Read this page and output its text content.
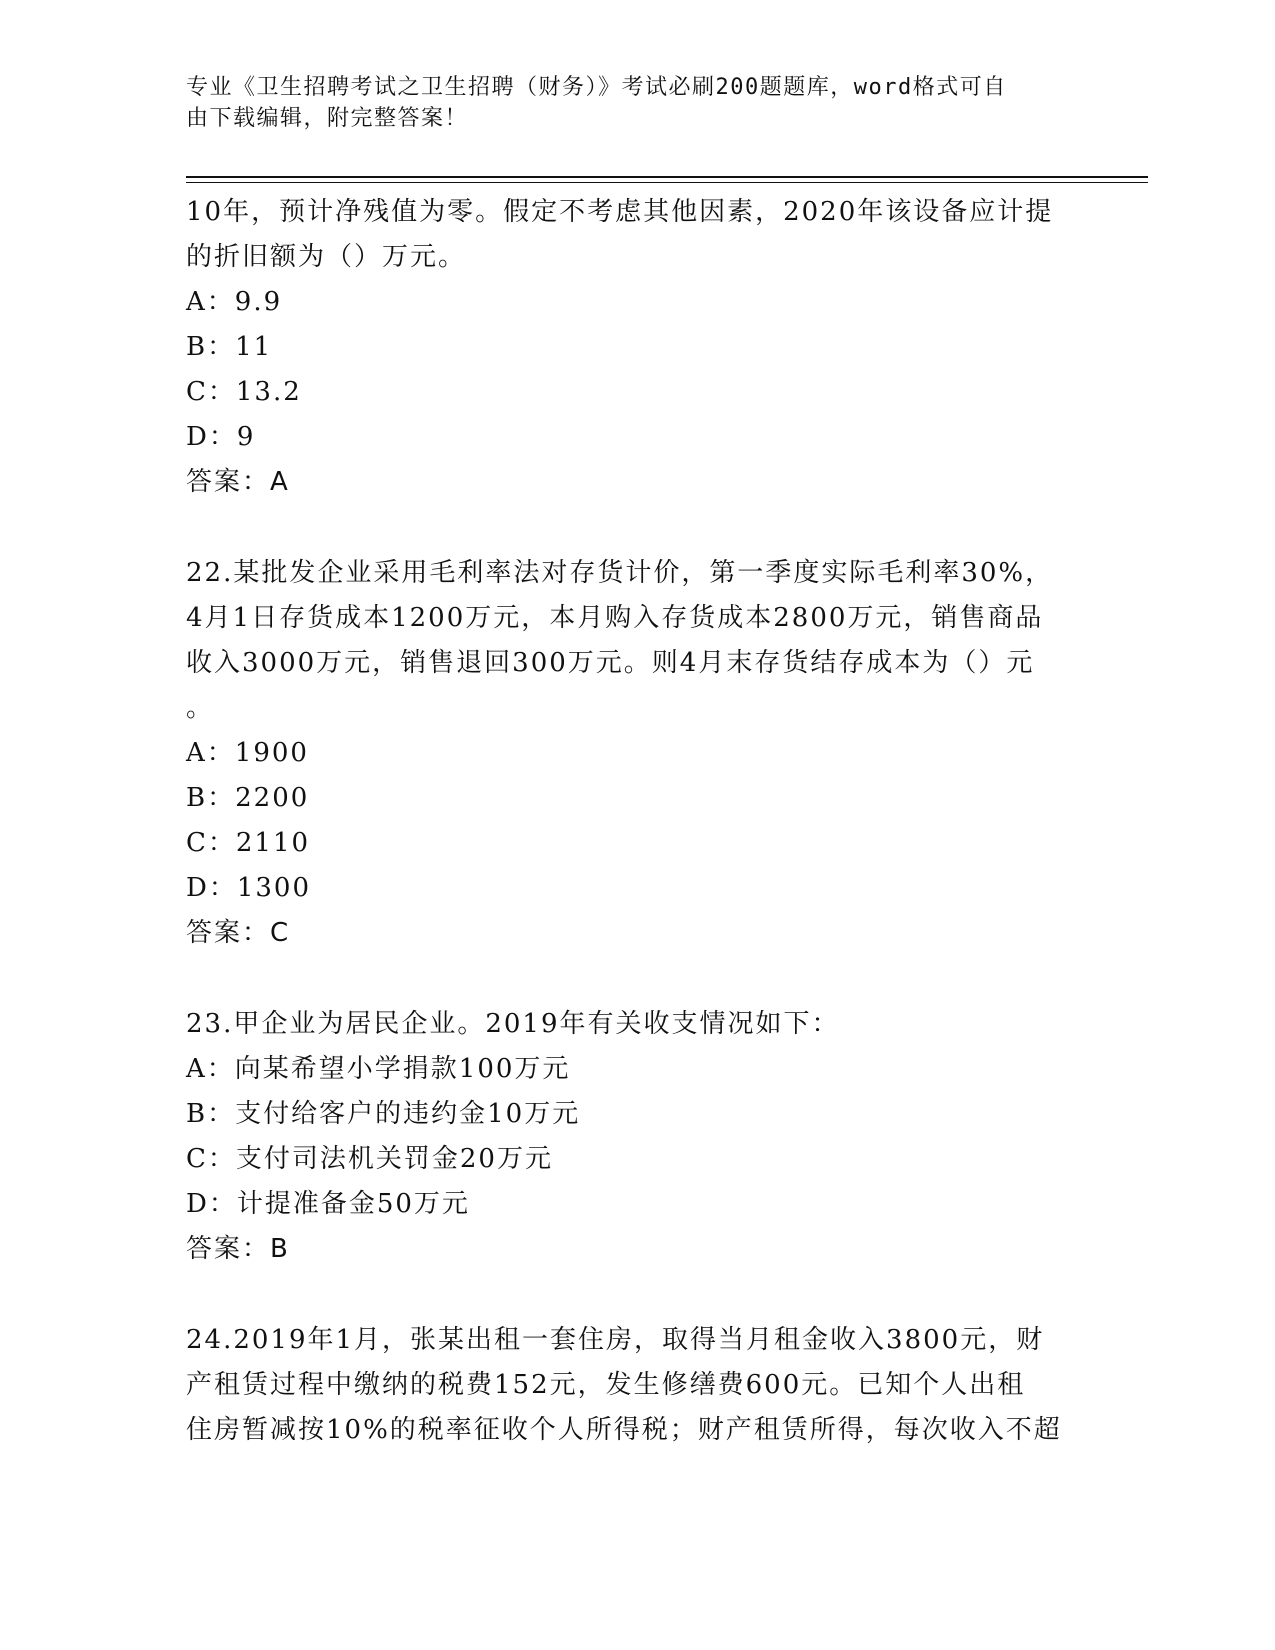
专业《卫生招聘考试之卫生招聘（财务）》考试必刷200题题库，word格式可自
由下载编辑，附完整答案！
10年，预计净残值为零。假定不考虑其他因素，2020年该设备应计提
的折旧额为（）万元。
A：9.9
B：11
C：13.2
D：9
答案：A
22.某批发企业采用毛利率法对存货计价，第一季度实际毛利率30%，
4月1日存货成本1200万元，本月购入存货成本2800万元，销售商品
收入3000万元，销售退回300万元。则4月末存货结存成本为（）元
。
A：1900
B：2200
C：2110
D：1300
答案：C
23.甲企业为居民企业。2019年有关收支情况如下：
A：向某希望小学捐款100万元
B：支付给客户的违约金10万元
C：支付司法机关罚金20万元
D：计提准备金50万元
答案：B
24.2019年1月，张某出租一套住房，取得当月租金收入3800元，财
产租赁过程中缴纳的税费152元，发生修缮费600元。已知个人出租
住房暂减按10%的税率征收个人所得税；财产租赁所得，每次收入不超
